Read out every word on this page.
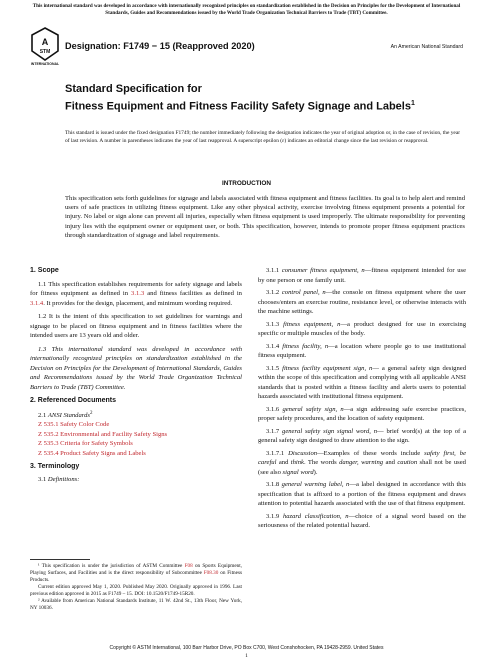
This international standard was developed in accordance with internationally recognized principles on standardization established in the Decision on Principles for the Development of International Standards, Guides and Recommendations issued by the World Trade Organization Technical Barriers to Trade (TBT) Committee.
A
STM
INTERNATIONAL
Designation: F1749 − 15 (Reapproved 2020)	An American National Standard
Standard Specification for
Fitness Equipment and Fitness Facility Safety Signage and Labels$^1$
This standard is issued under the fixed designation F1749; the number immediately following the designation indicates the year of original adoption or, in the case of revision, the year of last revision. A number in parentheses indicates the year of last reapproval. A superscript epsilon (ε) indicates an editorial change since the last revision or reapproval.
INTRODUCTION
This specification sets forth guidelines for signage and labels associated with fitness equipment and fitness facilities. Its goal is to help alert and remind users of safe practices in utilizing fitness equipment. Like any other physical activity, exercise involving fitness equipment presents a potential for injury. No label or sign alone can prevent all injuries, especially when fitness equipment is used improperly. The ultimate responsibility for preventing injury lies with the equipment owner or equipment user, or both. This specification, however, intends to promote proper fitness equipment practices through standardization of signage and label requirements.

1. Scope

1.1 This specification establishes requirements for safety signage and labels for fitness equipment as defined in 3.1.3 and fitness facilities as defined in 3.1.4. It provides for the design, placement, and minimum wording required.

1.2 It is the intent of this specification to set guidelines for warnings and signage to be placed on fitness equipment and in fitness facilities where the intended users are 13 years old and older.

1.3 This international standard was developed in accordance with internationally recognized principles on standardization established in the Decision on Principles for the Development of International Standards, Guides and Recommendations issued by the World Trade Organization Technical Barriers to Trade (TBT) Committee.

2. Referenced Documents

2.1 ANSI Standards$^2$

Z 535.1 Safety Color Code
Z 535.2 Environmental and Facility Safety Signs
Z 535.3 Criteria for Safety Symbols
Z 535.4 Product Safety Signs and Labels

3. Terminology

3.1 Definitions:

¹ This specification is under the jurisdiction of ASTM Committee F08 on Sports Equipment, Playing Surfaces, and Facilities and is the direct responsibility of Subcommittee F08.30 on Fitness Products.

Current edition approved May 1, 2020. Published May 2020. Originally approved in 1996. Last previous edition approved in 2015 as F1749 – 15. DOI: 10.1520/F1749-15R20.

² Available from American National Standards Institute, 11 W. 42nd St., 13th Floor, New York, NY 10036.

3.1.1 consumer fitness equipment, n—fitness equipment intended for use by one person or one family unit.

3.1.2 control panel, n—the console on fitness equipment where the user chooses/enters an exercise routine, resistance level, or otherwise interacts with the machine settings.

3.1.3 fitness equipment, n—a product designed for use in exercising specific or multiple muscles of the body.

3.1.4 fitness facility, n—a location where people go to use institutional fitness equipment.

3.1.5 fitness facility equipment sign, n— a general safety sign designed within the scope of this specification and complying with all applicable ANSI standards that is posted within a fitness facility and alerts users to potential hazards associated with institutional fitness equipment.

3.1.6 general safety sign, n—a sign addressing safe exercise practices, proper safety procedures, and the location of safety equipment.

3.1.7 general safety sign signal word, n— brief word(s) at the top of a general safety sign designed to draw attention to the sign.

3.1.7.1 Discussion—Examples of these words include safety first, be careful and think. The words danger, warning and caution shall not be used (see also signal word).

3.1.8 general warning label, n—a label designed in accordance with this specification that is affixed to a portion of the fitness equipment and draws attention to potential hazards associated with the use of that fitness equipment.

3.1.9 hazard classification, n—choice of a signal word based on the seriousness of the related potential hazard.

Copyright © ASTM International, 100 Barr Harbor Drive, PO Box C700, West Conshohocken, PA 19428-2959. United States
1
